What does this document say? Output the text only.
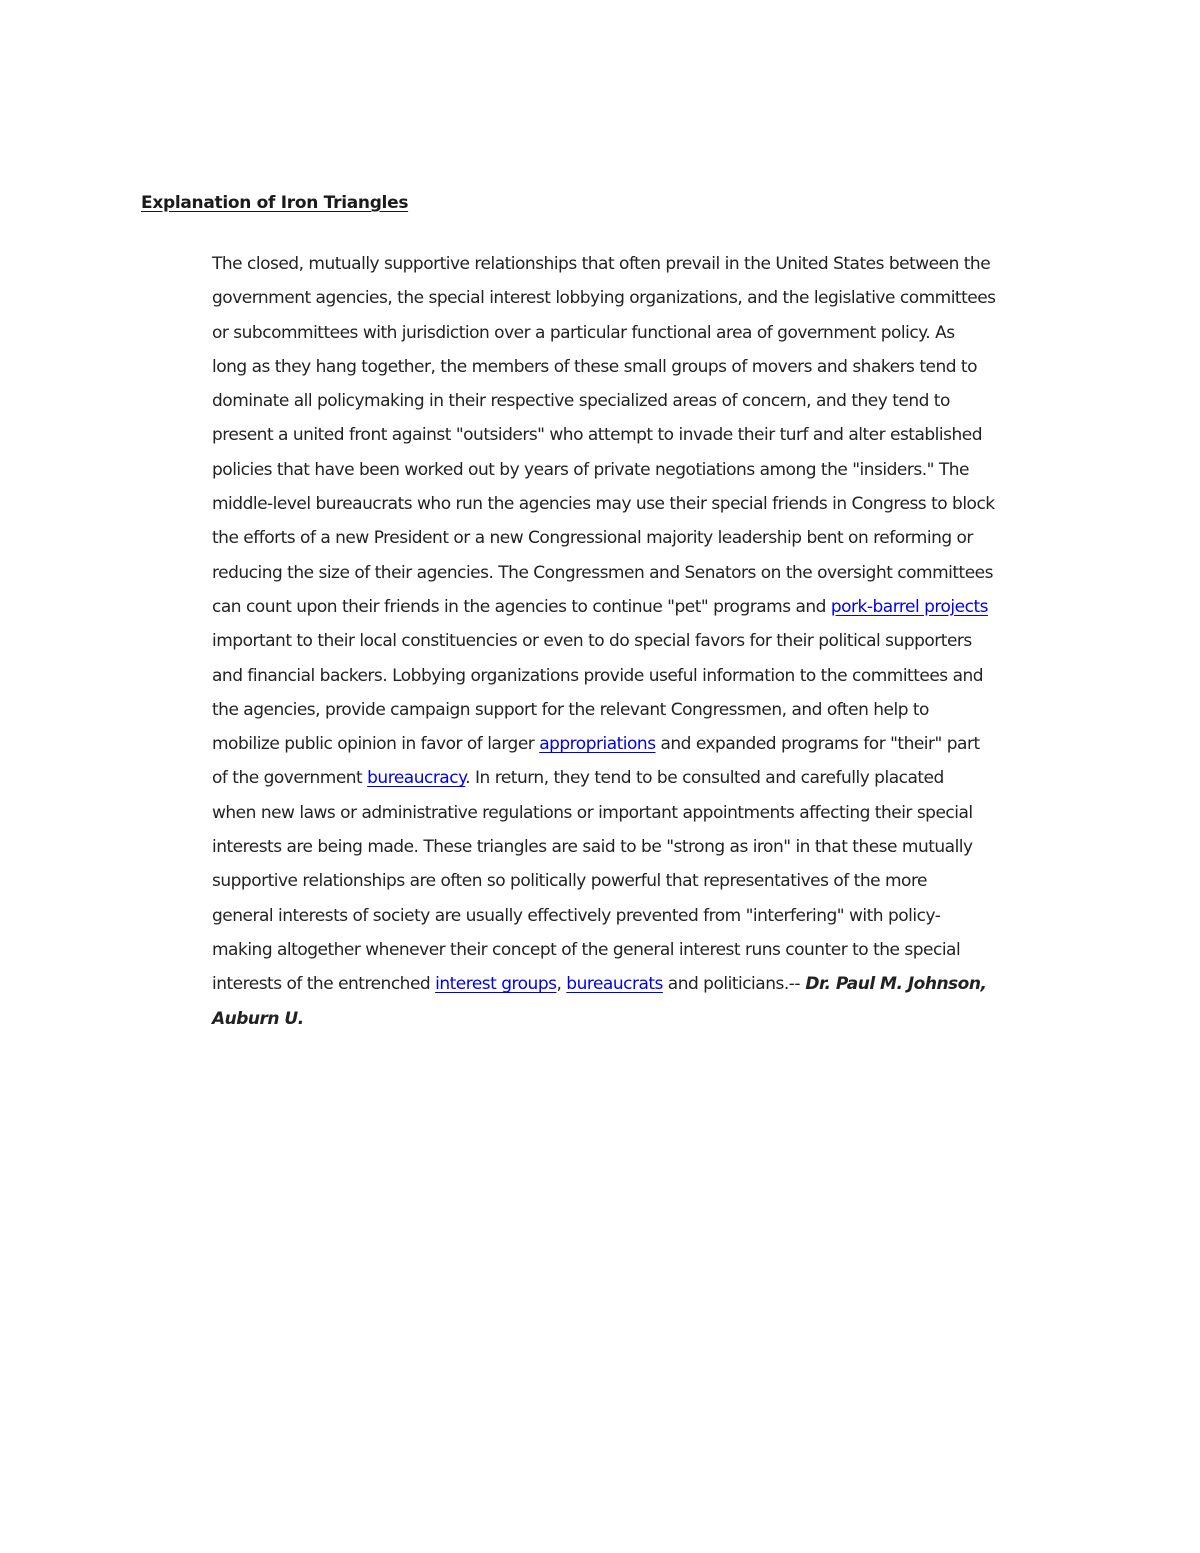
Explanation of Iron Triangles
The closed, mutually supportive relationships that often prevail in the United States between the
government agencies, the special interest lobbying organizations, and the legislative committees
or subcommittees with jurisdiction over a particular functional area of government policy. As
long as they hang together, the members of these small groups of movers and shakers tend to
dominate all policymaking in their respective specialized areas of concern, and they tend to
present a united front against "outsiders" who attempt to invade their turf and alter established
policies that have been worked out by years of private negotiations among the "insiders." The
middle-level bureaucrats who run the agencies may use their special friends in Congress to block
the efforts of a new President or a new Congressional majority leadership bent on reforming or
reducing the size of their agencies. The Congressmen and Senators on the oversight committees
can count upon their friends in the agencies to continue "pet" programs and pork-barrel projects
important to their local constituencies or even to do special favors for their political supporters
and financial backers. Lobbying organizations provide useful information to the committees and
the agencies, provide campaign support for the relevant Congressmen, and often help to
mobilize public opinion in favor of larger appropriations and expanded programs for "their" part
of the government bureaucracy. In return, they tend to be consulted and carefully placated
when new laws or administrative regulations or important appointments affecting their special
interests are being made. These triangles are said to be "strong as iron" in that these mutually
supportive relationships are often so politically powerful that representatives of the more
general interests of society are usually effectively prevented from "interfering" with policy-
making altogether whenever their concept of the general interest runs counter to the special
interests of the entrenched interest groups, bureaucrats and politicians.-- Dr. Paul M. Johnson,
Auburn U.
